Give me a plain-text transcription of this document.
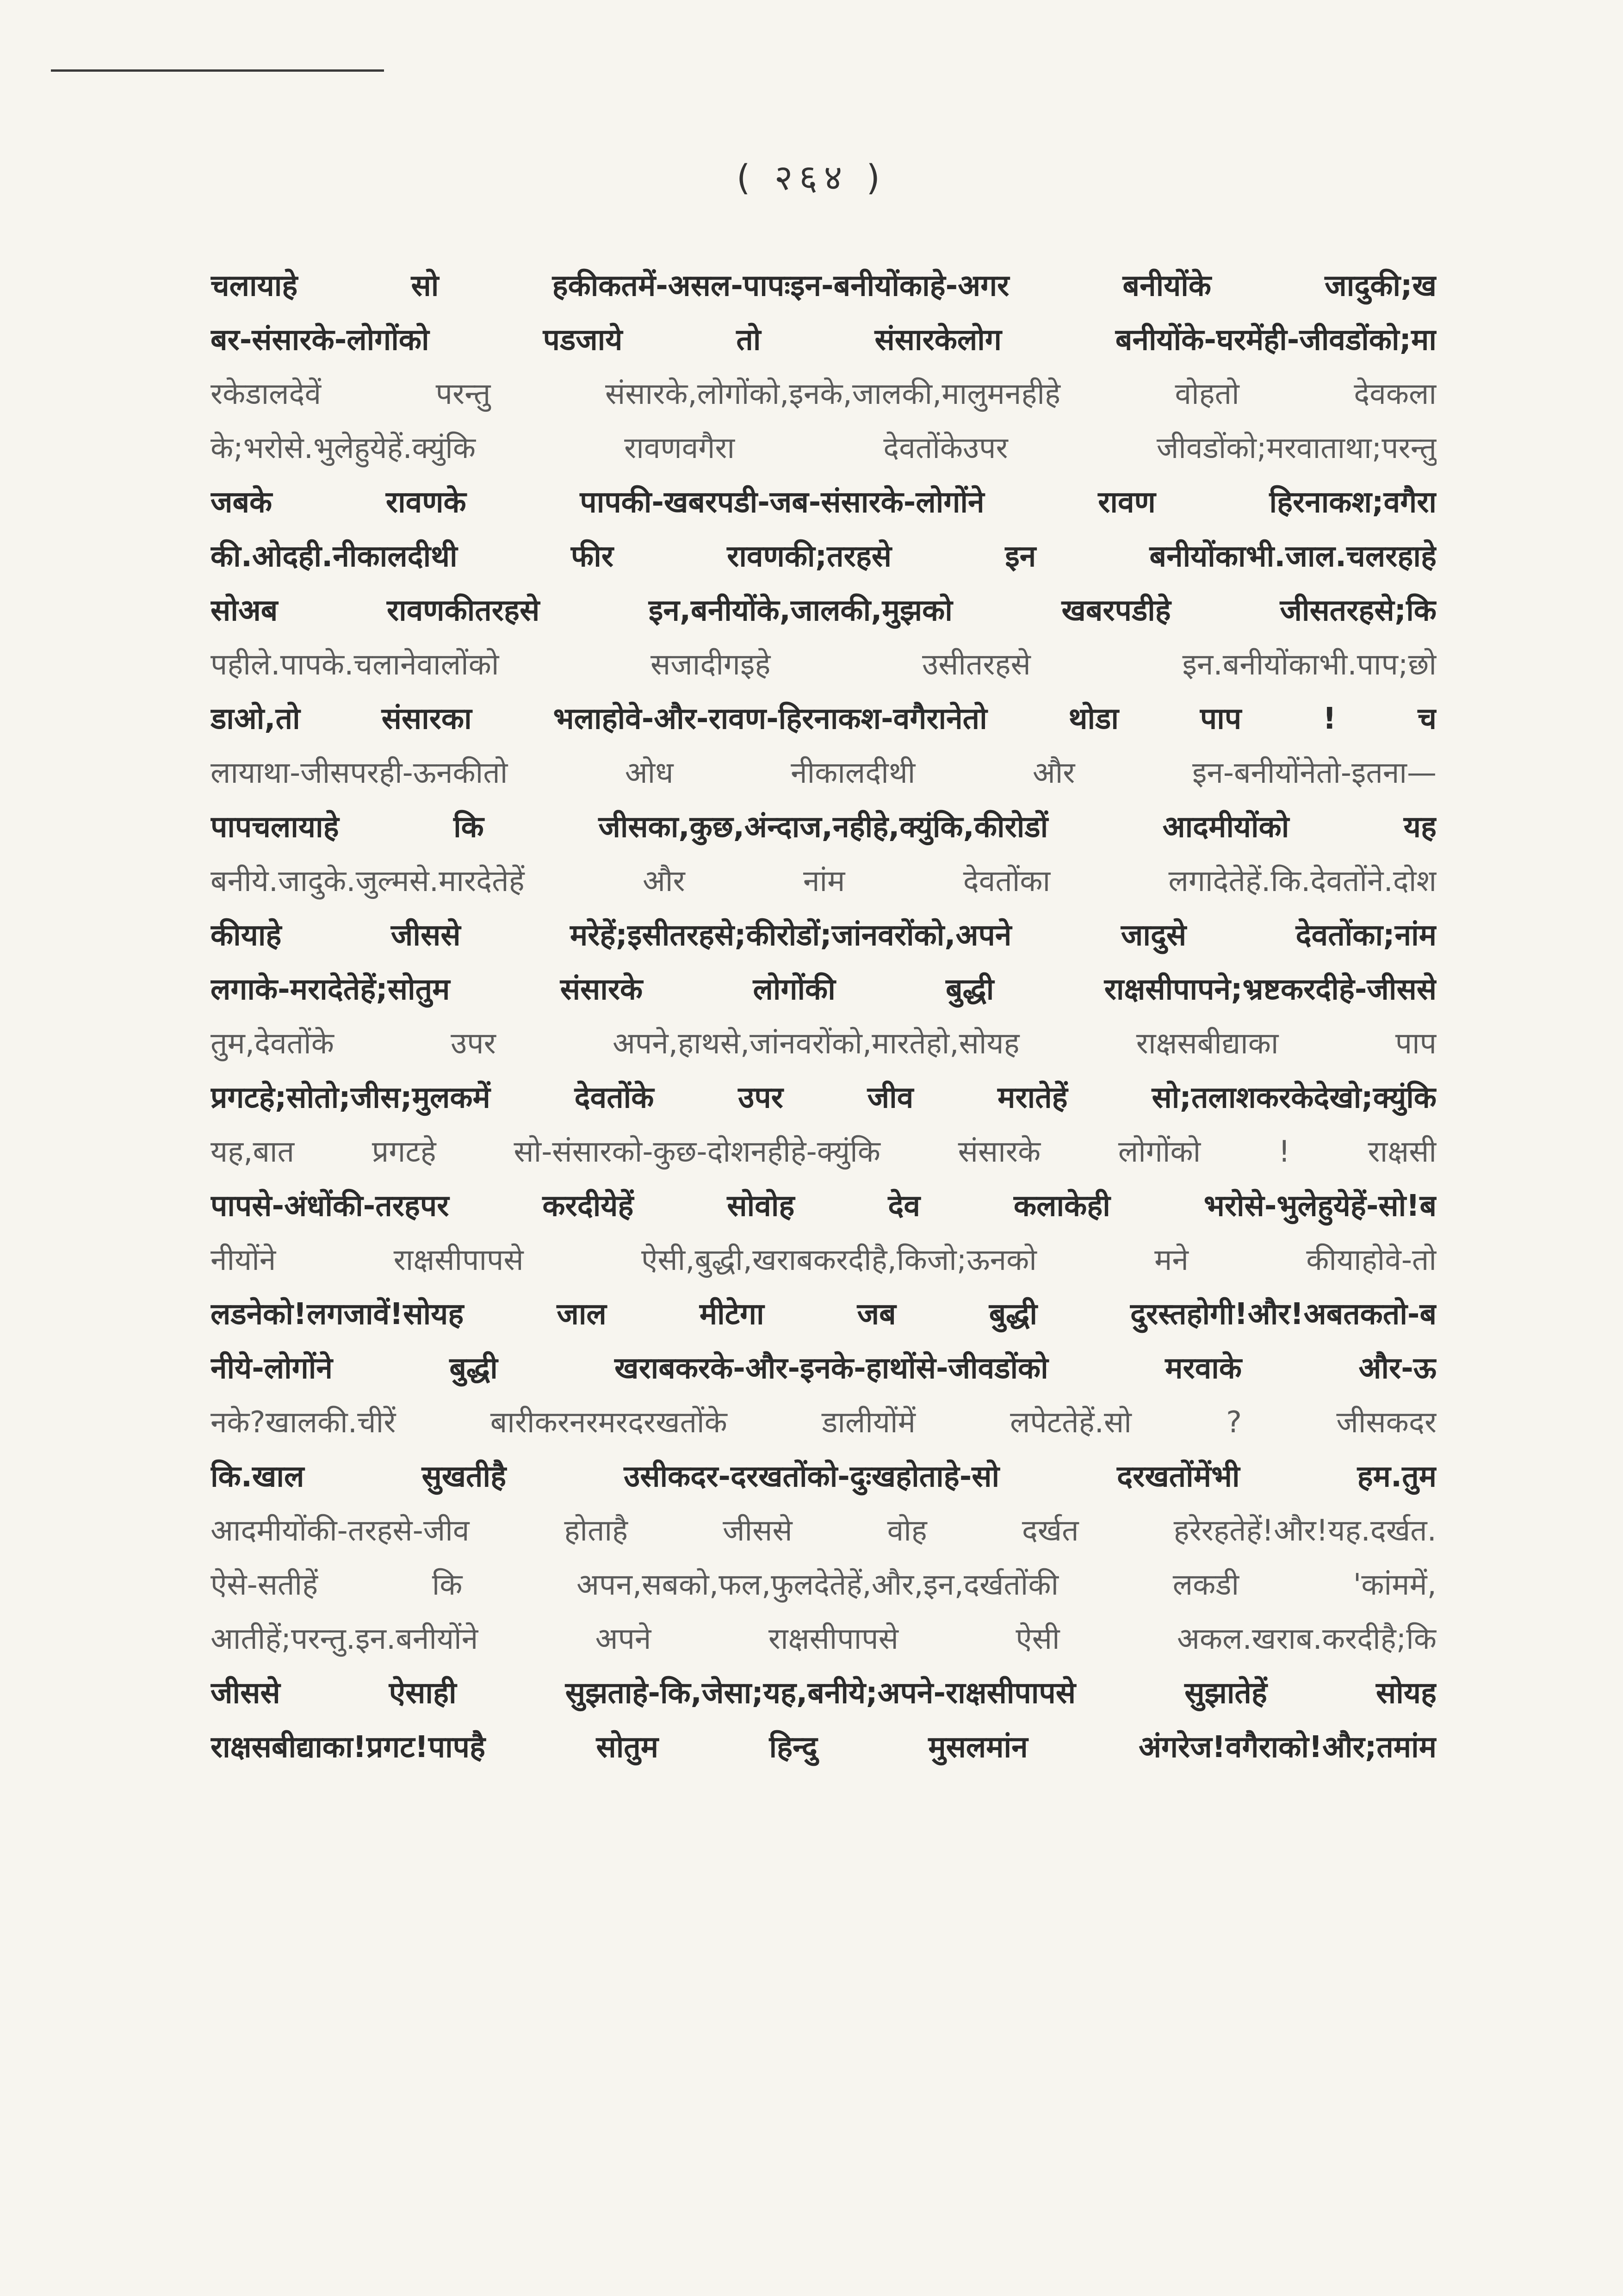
( २६४ )
चलायाहे सो हकीकतमें-असल-पापःइन-बनीयोंकाहे-अगर बनीयोंके जादुकी;ख
बर-संसारके-लोगोंको पडजाये तो संसारकेलोग बनीयोंके-घरमेंही-जीवडोंको;मा
रकेडालदेवें परन्तु संसारके,लोगोंको,इनके,जालकी,मालुमनहीहे वोहतो देवकला
के;भरोसे.भुलेहुयेहें.क्युंकि रावणवगैरा देवतोंकेउपर जीवडोंको;मरवाताथा;परन्तु
जबके रावणके पापकी-खबरपडी-जब-संसारके-लोगोंने रावण हिरनाकश;वगैरा
की.ओदही.नीकालदीथी फीर रावणकी;तरहसे इन बनीयोंकाभी.जाल.चलरहाहे
सोअब रावणकीतरहसे इन,बनीयोंके,जालकी,मुझको खबरपडीहे जीसतरहसे;कि
पहीले.पापके.चलानेवालोंको सजादीगइहे उसीतरहसे इन.बनीयोंकाभी.पाप;छो
डाओ,तो संसारका भलाहोवे-और-रावण-हिरनाकश-वगैरानेतो थोडा पाप ! च
लायाथा-जीसपरही-ऊनकीतो ओध नीकालदीथी और इन-बनीयोंनेतो-इतना—
पापचलायाहे कि जीसका,कुछ,अंन्दाज,नहीहे,क्युंकि,कीरोडों आदमीयोंको यह
बनीये.जादुके.जुल्मसे.मारदेतेहें और नांम देवतोंका लगादेतेहें.कि.देवतोंने.दोश
कीयाहे जीससे मरेहें;इसीतरहसे;कीरोडों;जांनवरोंको,अपने जादुसे देवतोंका;नांम
लगाके-मरादेतेहें;सोतुम संसारके लोगोंकी बुद्धी राक्षसीपापने;भ्रष्टकरदीहे-जीससे
तुम,देवतोंके उपर अपने,हाथसे,जांनवरोंको,मारतेहो,सोयह राक्षसबीद्याका पाप
प्रगटहे;सोतो;जीस;मुलकमें देवतोंके उपर जीव मरातेहें सो;तलाशकरकेदेखो;क्युंकि
यह,बात प्रगटहे सो-संसारको-कुछ-दोशनहीहे-क्युंकि संसारके लोगोंको ! राक्षसी
पापसे-अंधोंकी-तरहपर करदीयेहें सोवोह देव कलाकेही भरोसे-भुलेहुयेहें-सो!ब
नीयोंने राक्षसीपापसे ऐसी,बुद्धी,खराबकरदीहै,किजो;ऊनको मने कीयाहोवे-तो
लडनेको!लगजावें!सोयह जाल मीटेगा जब बुद्धी दुरस्तहोगी!और!अबतकतो-ब
नीये-लोगोंने बुद्धी खराबकरके-और-इनके-हाथोंसे-जीवडोंको मरवाके और-ऊ
नके?खालकी.चीरें बारीकरनरमरदरखतोंके डालीयोंमें लपेटतेहें.सो ? जीसकदर
कि.खाल सुखतीहै उसीकदर-दरखतोंको-दुःखहोताहे-सो दरखतोंमेंभी हम.तुम
आदमीयोंकी-तरहसे-जीव होताहै जीससे वोह दर्खत हरेरहतेहें!और!यह.दर्खत.
ऐसे-सतीहें कि अपन,सबको,फल,फुलदेतेहें,और,इन,दर्खतोंकी लकडी 'कांममें,
आतीहें;परन्तु.इन.बनीयोंने अपने राक्षसीपापसे ऐसी अकल.खराब.करदीहै;कि
जीससे ऐसाही सुझताहे-कि,जेसा;यह,बनीये;अपने-राक्षसीपापसे सुझातेहें सोयह
राक्षसबीद्याका!प्रगट!पापहै सोतुम हिन्दु मुसलमांन अंगरेज!वगैराको!और;तमांम
